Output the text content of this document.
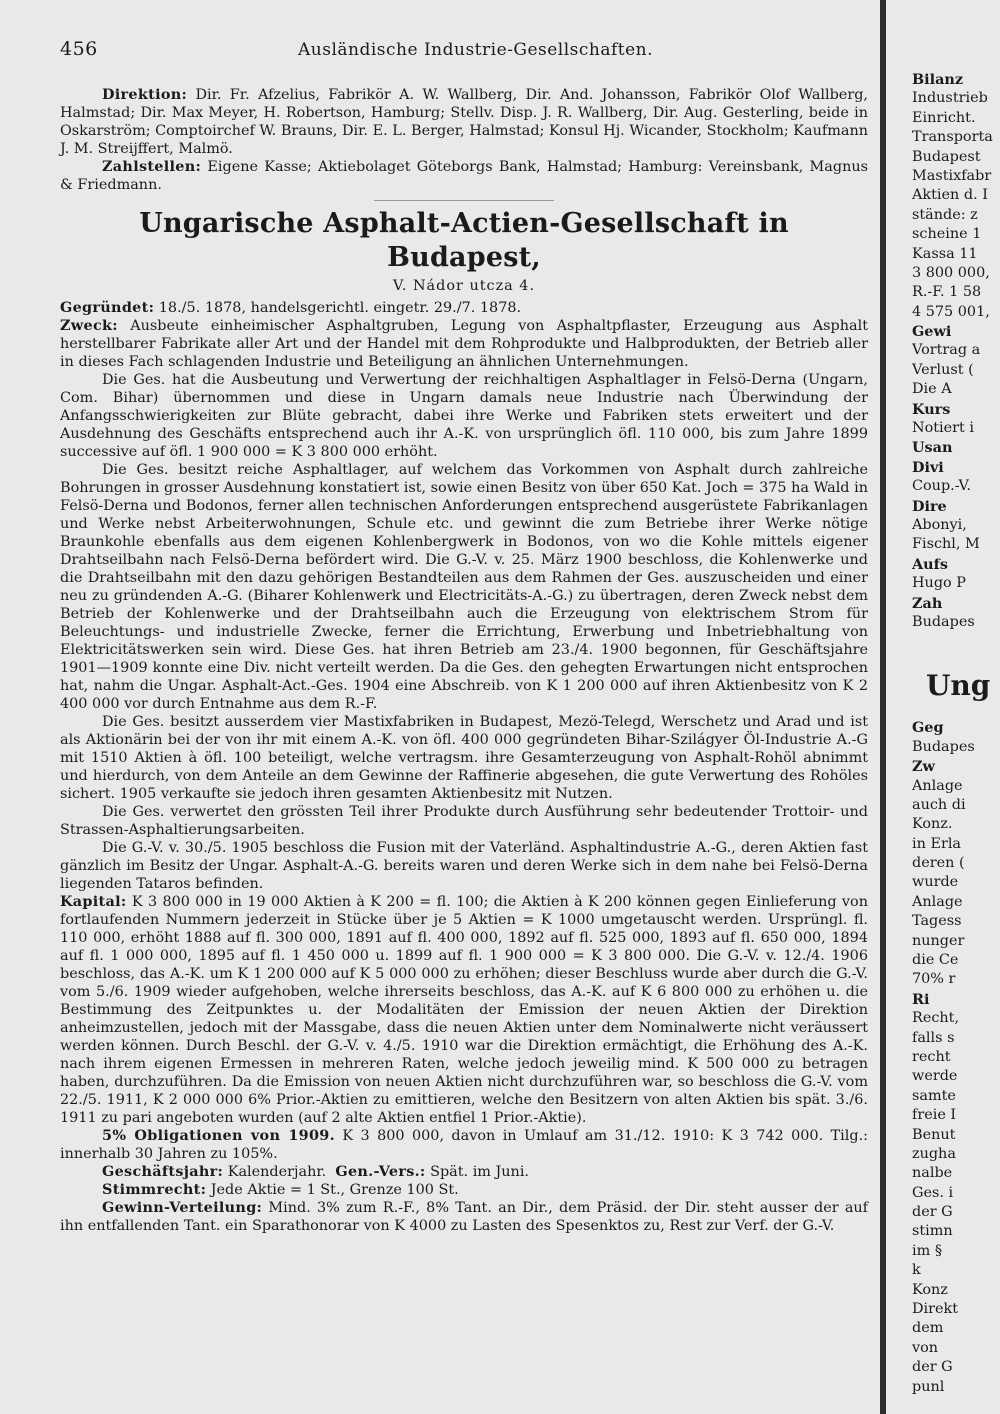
456	Ausländische Industrie-Gesellschaften.

Direktion: Dir. Fr. Afzelius, Fabrikör A. W. Wallberg, Dir. And. Johansson, Fabrikör Olof Wallberg, Halmstad; Dir. Max Meyer, H. Robertson, Hamburg; Stellv. Disp. J. R. Wallberg, Dir. Aug. Gesterling, beide in Oskarström; Comptoirchef W. Brauns, Dir. E. L. Berger, Halmstad; Konsul Hj. Wicander, Stockholm; Kaufmann J. M. Streijffert, Malmö.

Zahlstellen: Eigene Kasse; Aktiebolaget Göteborgs Bank, Halmstad; Hamburg: Vereinsbank, Magnus & Friedmann.

Ungarische Asphalt-Actien-Gesellschaft in Budapest,
V. Nádor utcza 4.

Gegründet: 18./5. 1878, handelsgerichtl. eingetr. 29./7. 1878.

Zweck: Ausbeute einheimischer Asphaltgruben, Legung von Asphaltpflaster, Erzeugung aus Asphalt herstellbarer Fabrikate aller Art und der Handel mit dem Rohprodukte und Halbprodukten, der Betrieb aller in dieses Fach schlagenden Industrie und Beteiligung an ähnlichen Unternehmungen.

Die Ges. hat die Ausbeutung und Verwertung der reichhaltigen Asphaltlager in Felsö-Derna (Ungarn, Com. Bihar) übernommen und diese in Ungarn damals neue Industrie nach Überwindung der Anfangsschwierigkeiten zur Blüte gebracht, dabei ihre Werke und Fabriken stets erweitert und der Ausdehnung des Geschäfts entsprechend auch ihr A.-K. von ursprünglich öfl. 110 000, bis zum Jahre 1899 successive auf öfl. 1 900 000 = K 3 800 000 erhöht.

Die Ges. besitzt reiche Asphaltlager, auf welchem das Vorkommen von Asphalt durch zahlreiche Bohrungen in grosser Ausdehnung konstatiert ist, sowie einen Besitz von über 650 Kat. Joch = 375 ha Wald in Felsö-Derna und Bodonos, ferner allen technischen Anforderungen entsprechend ausgerüstete Fabrikanlagen und Werke nebst Arbeiterwohnungen, Schule etc. und gewinnt die zum Betriebe ihrer Werke nötige Braunkohle ebenfalls aus dem eigenen Kohlenbergwerk in Bodonos, von wo die Kohle mittels eigener Drahtseilbahn nach Felsö-Derna befördert wird. Die G.-V. v. 25. März 1900 beschloss, die Kohlenwerke und die Drahtseilbahn mit den dazu gehörigen Bestandteilen aus dem Rahmen der Ges. auszuscheiden und einer neu zu gründenden A.-G. (Biharer Kohlenwerk und Electricitäts-A.-G.) zu übertragen, deren Zweck nebst dem Betrieb der Kohlenwerke und der Drahtseilbahn auch die Erzeugung von elektrischem Strom für Beleuchtungs- und industrielle Zwecke, ferner die Errichtung, Erwerbung und Inbetriebhaltung von Elektricitätswerken sein wird. Diese Ges. hat ihren Betrieb am 23./4. 1900 begonnen, für Geschäftsjahre 1901—1909 konnte eine Div. nicht verteilt werden. Da die Ges. den gehegten Erwartungen nicht entsprochen hat, nahm die Ungar. Asphalt-Act.-Ges. 1904 eine Abschreib. von K 1 200 000 auf ihren Aktienbesitz von K 2 400 000 vor durch Entnahme aus dem R.-F.

Die Ges. besitzt ausserdem vier Mastixfabriken in Budapest, Mezö-Telegd, Werschetz und Arad und ist als Aktionärin bei der von ihr mit einem A.-K. von öfl. 400 000 gegründeten Bihar-Szilágyer Öl-Industrie A.-G mit 1510 Aktien à öfl. 100 beteiligt, welche vertragsm. ihre Gesamterzeugung von Asphalt-Rohöl abnimmt und hierdurch, von dem Anteile an dem Gewinne der Raffinerie abgesehen, die gute Verwertung des Rohöles sichert. 1905 verkaufte sie jedoch ihren gesamten Aktienbesitz mit Nutzen.

Die Ges. verwertet den grössten Teil ihrer Produkte durch Ausführung sehr bedeutender Trottoir- und Strassen-Asphaltierungsarbeiten.

Die G.-V. v. 30./5. 1905 beschloss die Fusion mit der Vaterländ. Asphaltindustrie A.-G., deren Aktien fast gänzlich im Besitz der Ungar. Asphalt-A.-G. bereits waren und deren Werke sich in dem nahe bei Felsö-Derna liegenden Tataros befinden.

Kapital: K 3 800 000 in 19 000 Aktien à K 200 = fl. 100; die Aktien à K 200 können gegen Einlieferung von fortlaufenden Nummern jederzeit in Stücke über je 5 Aktien = K 1000 umgetauscht werden. Ursprüngl. fl. 110 000, erhöht 1888 auf fl. 300 000, 1891 auf fl. 400 000, 1892 auf fl. 525 000, 1893 auf fl. 650 000, 1894 auf fl. 1 000 000, 1895 auf fl. 1 450 000 u. 1899 auf fl. 1 900 000 = K 3 800 000. Die G.-V. v. 12./4. 1906 beschloss, das A.-K. um K 1 200 000 auf K 5 000 000 zu erhöhen; dieser Beschluss wurde aber durch die G.-V. vom 5./6. 1909 wieder aufgehoben, welche ihrerseits beschloss, das A.-K. auf K 6 800 000 zu erhöhen u. die Bestimmung des Zeitpunktes u. der Modalitäten der Emission der neuen Aktien der Direktion anheimzustellen, jedoch mit der Massgabe, dass die neuen Aktien unter dem Nominalwerte nicht veräussert werden können. Durch Beschl. der G.-V. v. 4./5. 1910 war die Direktion ermächtigt, die Erhöhung des A.-K. nach ihrem eigenen Ermessen in mehreren Raten, welche jedoch jeweilig mind. K 500 000 zu betragen haben, durchzuführen. Da die Emission von neuen Aktien nicht durchzuführen war, so beschloss die G.-V. vom 22./5. 1911, K 2 000 000 6% Prior.-Aktien zu emittieren, welche den Besitzern von alten Aktien bis spät. 3./6. 1911 zu pari angeboten wurden (auf 2 alte Aktien entfiel 1 Prior.-Aktie).

5% Obligationen von 1909. K 3 800 000, davon in Umlauf am 31./12. 1910: K 3 742 000. Tilg.: innerhalb 30 Jahren zu 105%.

Geschäftsjahr: Kalenderjahr. Gen.-Vers.: Spät. im Juni.

Stimmrecht: Jede Aktie = 1 St., Grenze 100 St.

Gewinn-Verteilung: Mind. 3% zum R.-F., 8% Tant. an Dir., dem Präsid. der Dir. steht ausser der auf ihn entfallenden Tant. ein Sparathonorar von K 4000 zu Lasten des Spesenktos zu, Rest zur Verf. der G.-V.

Bilanz
Industrieb
Einricht.
Transporta
Budapest
Mastixfabr
Aktien d. I
stände: z
scheine 1
Kassa 11
3 800 000,
R.-F. 1 58
4 575 001,
Gewi
Vortrag a
Verlust (
Die A
Kurs
Notiert i
Usan
Divi
Coup.-V.
Dire
Abonyi,
Fischl, M
Aufs
Hugo P
Zah
Budapes
Ung
Geg
Budapes
Zw
Anlage
auch di
Konz.
in Erla
deren (
wurde
Anlage
Tagess
nunger
die Ce
70% r
Ri
Recht,
falls s
recht
werde
samte
freie I
Benut
zugha
nalbe
Ges. i
der G
stimn
im §
k
Konz
Direkt
dem
von
der G
punl
